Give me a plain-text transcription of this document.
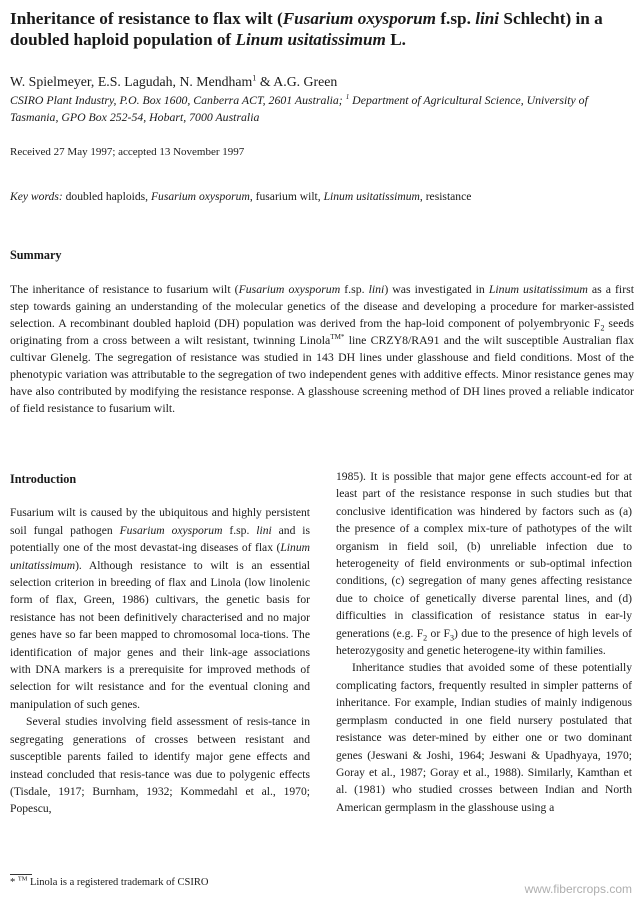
Inheritance of resistance to flax wilt (Fusarium oxysporum f.sp. lini Schlecht) in a doubled haploid population of Linum usitatissimum L.
W. Spielmeyer, E.S. Lagudah, N. Mendham$^1$ & A.G. Green
CSIRO Plant Industry, P.O. Box 1600, Canberra ACT, 2601 Australia; $^1$ Department of Agricultural Science, University of Tasmania, GPO Box 252-54, Hobart, 7000 Australia
Received 27 May 1997; accepted 13 November 1997
Key words: doubled haploids, Fusarium oxysporum, fusarium wilt, Linum usitatissimum, resistance
Summary
The inheritance of resistance to fusarium wilt (Fusarium oxysporum f.sp. lini) was investigated in Linum usitatissimum as a first step towards gaining an understanding of the molecular genetics of the disease and developing a procedure for marker-assisted selection. A recombinant doubled haploid (DH) population was derived from the hap-loid component of polyembryonic $F_2$ seeds originating from a cross between a wilt resistant, twinning Linola$^{TM*}$ line CRZY8/RA91 and the wilt susceptible Australian flax cultivar Glenelg. The segregation of resistance was studied in 143 DH lines under glasshouse and field conditions. Most of the phenotypic variation was attributable to the segregation of two independent genes with additive effects. Minor resistance genes may have also contributed by modifying the resistance response. A glasshouse screening method of DH lines proved a reliable indicator of field resistance to fusarium wilt.

Introduction

Fusarium wilt is caused by the ubiquitous and highly persistent soil fungal pathogen Fusarium oxysporum f.sp. lini and is potentially one of the most devastat-ing diseases of flax (Linum unitatissimum). Although resistance to wilt is an essential selection criterion in breeding of flax and Linola (low linolenic form of flax, Green, 1986) cultivars, the genetic basis for resistance has not been definitively characterised and no major genes have so far been mapped to chromosomal loca-tions. The identification of major genes and their link-age associations with DNA markers is a prerequisite for improved methods of selection for wilt resistance and for the eventual cloning and manipulation of such genes.

Several studies involving field assessment of resis-tance in segregating generations of crosses between resistant and susceptible parents failed to identify major gene effects and instead concluded that resis-tance was due to polygenic effects (Tisdale, 1917; Burnham, 1932; Kommedahl et al., 1970; Popescu,

1985). It is possible that major gene effects account-ed for at least part of the resistance response in such studies but that conclusive identification was hindered by factors such as (a) the presence of a complex mix-ture of pathotypes of the wilt organism in field soil, (b) unreliable infection due to heterogeneity of field environments or sub-optimal infection conditions, (c) segregation of many genes affecting resistance due to choice of genetically diverse parental lines, and (d) difficulties in classification of resistance status in ear-ly generations (e.g. $F_2$ or $F_3$) due to the presence of high levels of heterozygosity and genetic heterogene-ity within families.

Inheritance studies that avoided some of these potentially complicating factors, frequently resulted in simpler patterns of inheritance. For example, Indian studies of mainly indigenous germplasm conducted in one field nursery postulated that resistance was deter-mined by either one or two dominant genes (Jeswani & Joshi, 1964; Jeswani & Upadhyaya, 1970; Goray et al., 1987; Goray et al., 1988). Similarly, Kamthan et al. (1981) who studied crosses between Indian and North American germplasm in the glasshouse using a

* ™ Linola is a registered trademark of CSIRO	www.fibercrops.com
